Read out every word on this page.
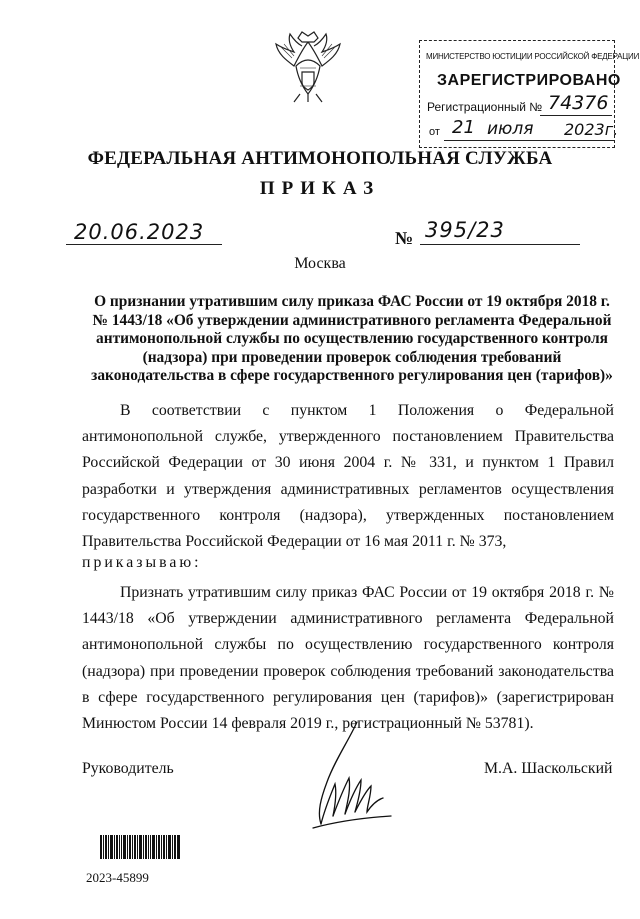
МИНИСТЕРСТВО ЮСТИЦИИ РОССИЙСКОЙ ФЕДЕРАЦИИ
ЗАРЕГИСТРИРОВАНО
Регистрационный № 74376
от 21 июля 2023г.
ФЕДЕРАЛЬНАЯ АНТИМОНОПОЛЬНАЯ СЛУЖБА
ПРИКАЗ
20.06.2023	№ 395/23
Москва
О признании утратившим силу приказа ФАС России от 19 октября 2018 г. № 1443/18 «Об утверждении административного регламента Федеральной антимонопольной службы по осуществлению государственного контроля (надзора) при проведении проверок соблюдения требований законодательства в сфере государственного регулирования цен (тарифов)»
В соответствии с пунктом 1 Положения о Федеральной антимонопольной службе, утвержденного постановлением Правительства Российской Федерации от 30 июня 2004 г. № 331, и пунктом 1 Правил разработки и утверждения административных регламентов осуществления государственного контроля (надзора), утвержденных постановлением Правительства Российской Федерации от 16 мая 2011 г. № 373,
приказываю:
Признать утратившим силу приказ ФАС России от 19 октября 2018 г. № 1443/18 «Об утверждении административного регламента Федеральной антимонопольной службы по осуществлению государственного контроля (надзора) при проведении проверок соблюдения требований законодательства в сфере государственного регулирования цен (тарифов)» (зарегистрирован Минюстом России 14 февраля 2019 г., регистрационный № 53781).
Руководитель	М.А. Шаскольский
2023-45899
